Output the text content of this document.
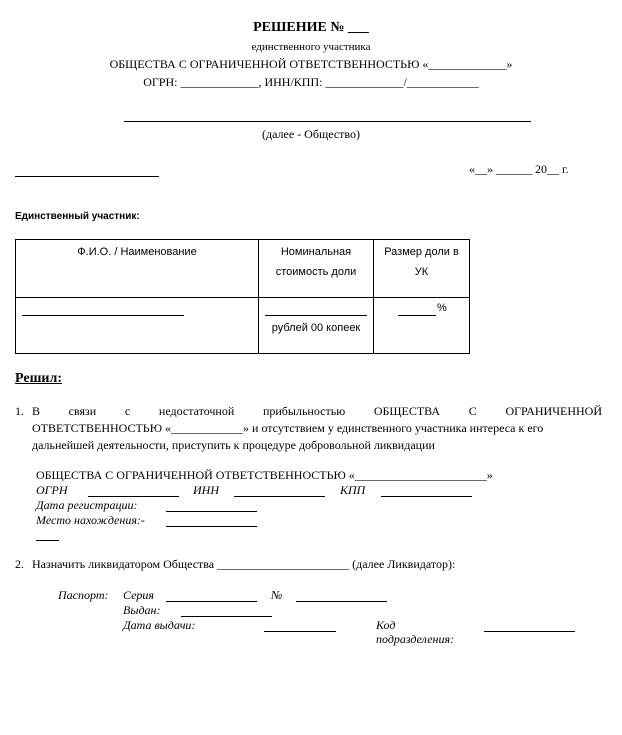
РЕШЕНИЕ № ___
единственного участника
ОБЩЕСТВА С ОГРАНИЧЕННОЙ ОТВЕТСТВЕННОСТЬЮ «_____________»
ОГРН: _____________, ИНН/КПП: _____________/____________
(далее - Общество)
«__» ______ 20__ г.
Единственный участник:
Ф.И.О. / Наименование	Номинальная стоимость доли	Размер доли в УК

	рублей 00 копеек	%
Решил:
1. В связи с недостаточной прибыльностью ОБЩЕСТВА С ОГРАНИЧЕННОЙ
ОТВЕТСТВЕННОСТЬЮ «____________» и отсутствием у единственного участника интереса к его
дальнейшей деятельности, приступить к процедуре добровольной ликвидации
ОБЩЕСТВА С ОГРАНИЧЕННОЙ ОТВЕТСТВЕННОСТЬЮ «______________________»
ОГРН	ИНН	КПП
Дата регистрации:
Место нахождения:-
2. Назначить ликвидатором Общества ______________________ (далее Ликвидатор):
Паспорт: Серия	№
Выдан:
Дата выдачи:	Код
подразделения:
